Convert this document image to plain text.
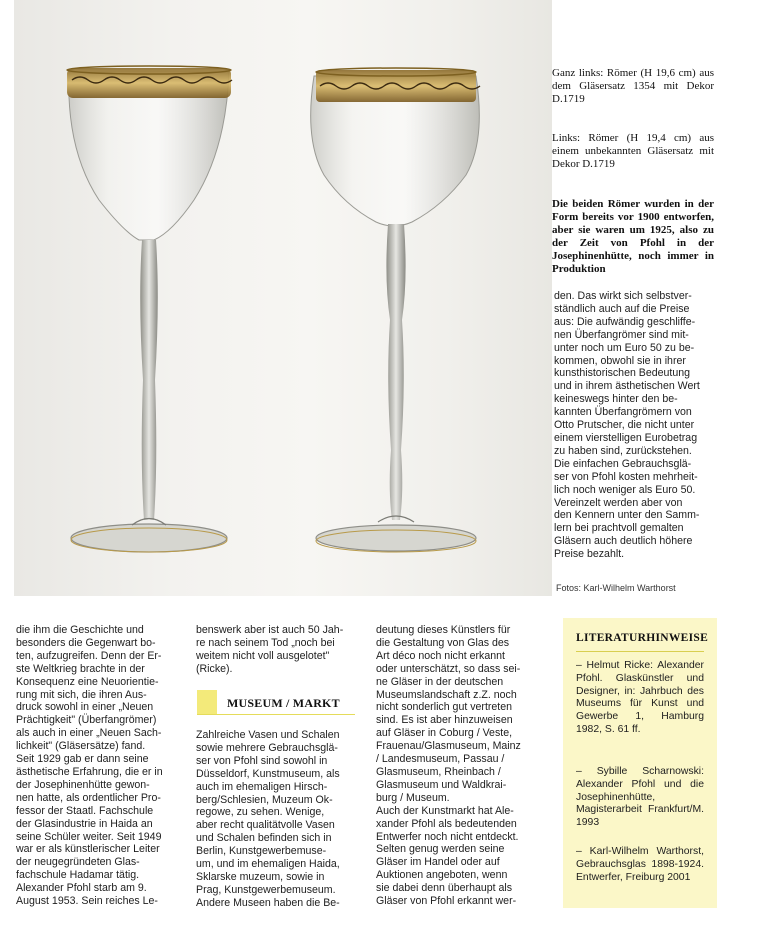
Ganz links: Römer (H 19,6 cm) aus dem Gläsersatz 1354 mit Dekor D.1719
Links: Römer (H 19,4 cm) aus einem unbekannten Gläsersatz mit Dekor D.1719
Die beiden Römer wurden in der Form bereits vor 1900 entworfen, aber sie waren um 1925, also zu der Zeit von Pfohl in der Josephinenhütte, noch immer in Produktion
den. Das wirkt sich selbstver-
ständlich auch auf die Preise
aus: Die aufwändig geschliffe-
nen Überfangrömer sind mit-
unter noch um Euro 50 zu be-
kommen, obwohl sie in ihrer
kunsthistorischen Bedeutung
und in ihrem ästhetischen Wert
keineswegs hinter den be-
kannten Überfangrömern von
Otto Prutscher, die nicht unter
einem vierstelligen Eurobetrag
zu haben sind, zurückstehen.
Die einfachen Gebrauchsglä-
ser von Pfohl kosten mehrheit-
lich noch weniger als Euro 50.
Vereinzelt werden aber von
den Kennern unter den Samm-
lern bei prachtvoll gemalten
Gläsern auch deutlich höhere
Preise bezahlt.
Fotos: Karl-Wilhelm Warthorst
die ihm die Geschichte und
besonders die Gegenwart bo-
ten, aufzugreifen. Denn der Er-
ste Weltkrieg brachte in der
Konsequenz eine Neuorientie-
rung mit sich, die ihren Aus-
druck sowohl in einer „Neuen
Prächtigkeit" (Überfangrömer)
als auch in einer „Neuen Sach-
lichkeit" (Gläsersätze) fand.
Seit 1929 gab er dann seine
ästhetische Erfahrung, die er in
der Josephinenhütte gewon-
nen hatte, als ordentlicher Pro-
fessor der Staatl. Fachschule
der Glasindustrie in Haida an
seine Schüler weiter. Seit 1949
war er als künstlerischer Leiter
der neugegründeten Glas-
fachschule Hadamar tätig.
Alexander Pfohl starb am 9.
August 1953. Sein reiches Le-
benswerk aber ist auch 50 Jah-
re nach seinem Tod „noch bei
weitem nicht voll ausgelotet"
(Ricke).
MUSEUM / MARKT
Zahlreiche Vasen und Schalen
sowie mehrere Gebrauchsglä-
ser von Pfohl sind sowohl in
Düsseldorf, Kunstmuseum, als
auch im ehemaligen Hirsch-
berg/Schlesien, Muzeum Ok-
regowe, zu sehen. Wenige,
aber recht qualitätvolle Vasen
und Schalen befinden sich in
Berlin, Kunstgewerbemuse-
um, und im ehemaligen Haida,
Sklarske muzeum, sowie in
Prag, Kunstgewerbemuseum.
Andere Museen haben die Be-
deutung dieses Künstlers für
die Gestaltung von Glas des
Art déco noch nicht erkannt
oder unterschätzt, so dass sei-
ne Gläser in der deutschen
Museumslandschaft z.Z. noch
nicht sonderlich gut vertreten
sind. Es ist aber hinzuweisen
auf Gläser in Coburg / Veste,
Frauenau/Glasmuseum, Mainz
/ Landesmuseum, Passau /
Glasmuseum, Rheinbach /
Glasmuseum und Waldkrai-
burg / Museum.
Auch der Kunstmarkt hat Ale-
xander Pfohl als bedeutenden
Entwerfer noch nicht entdeckt.
Selten genug werden seine
Gläser im Handel oder auf
Auktionen angeboten, wenn
sie dabei denn überhaupt als
Gläser von Pfohl erkannt wer-
LITERATURHINWEISE
– Helmut Ricke: Alexander Pfohl. Glaskünstler und Designer, in: Jahrbuch des Museums für Kunst und Gewerbe 1, Hamburg 1982, S. 61 ff.
– Sybille Scharnowski: Alexander Pfohl und die Josephinenhütte, Magisterarbeit Frankfurt/M. 1993
– Karl-Wilhelm Warthorst, Gebrauchsglas 1898-1924. Entwerfer, Freiburg 2001
